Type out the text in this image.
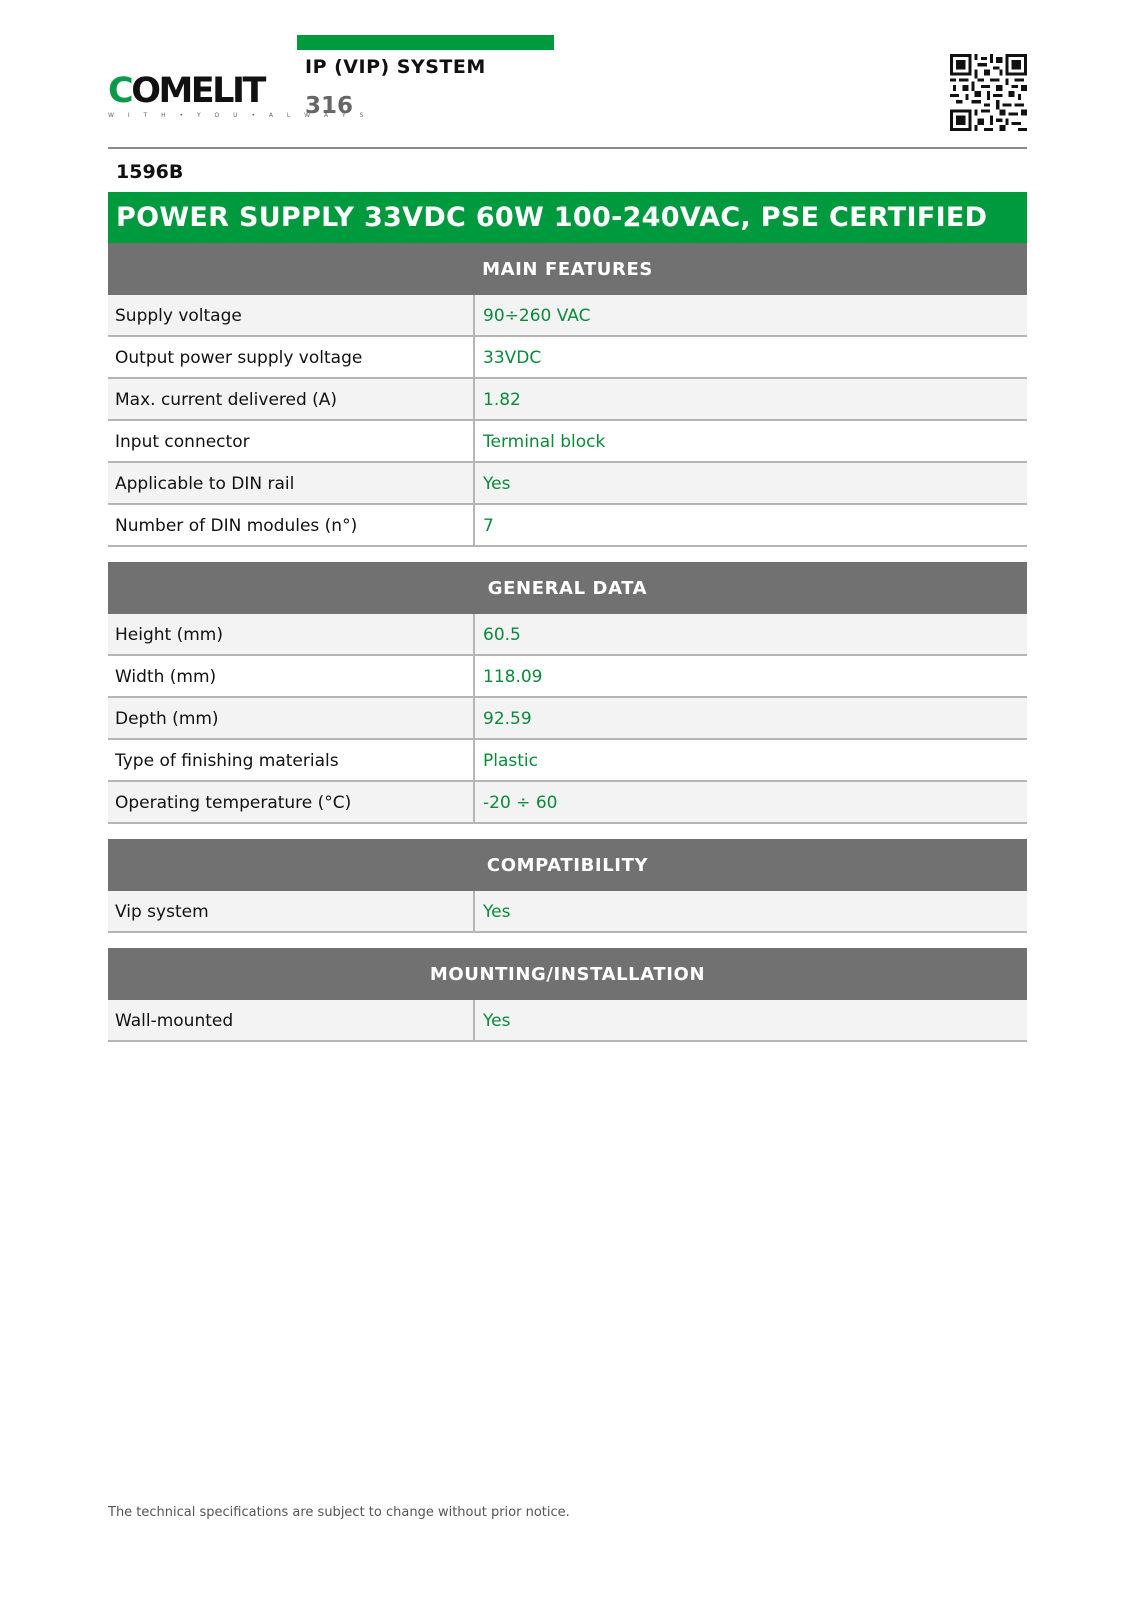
COMELIT
W I T H • Y O U • A L W A Y S
IP (VIP) SYSTEM
316
1596B
POWER SUPPLY 33VDC 60W 100-240VAC, PSE CERTIFIED
MAIN FEATURES
Supply voltage	90÷260 VAC
Output power supply voltage	33VDC
Max. current delivered (A)	1.82
Input connector	Terminal block
Applicable to DIN rail	Yes
Number of DIN modules (n°)	7
GENERAL DATA
Height (mm)	60.5
Width (mm)	118.09
Depth (mm)	92.59
Type of finishing materials	Plastic
Operating temperature (°C)	-20 ÷ 60
COMPATIBILITY
Vip system	Yes
MOUNTING/INSTALLATION
Wall-mounted	Yes
The technical specifications are subject to change without prior notice.
